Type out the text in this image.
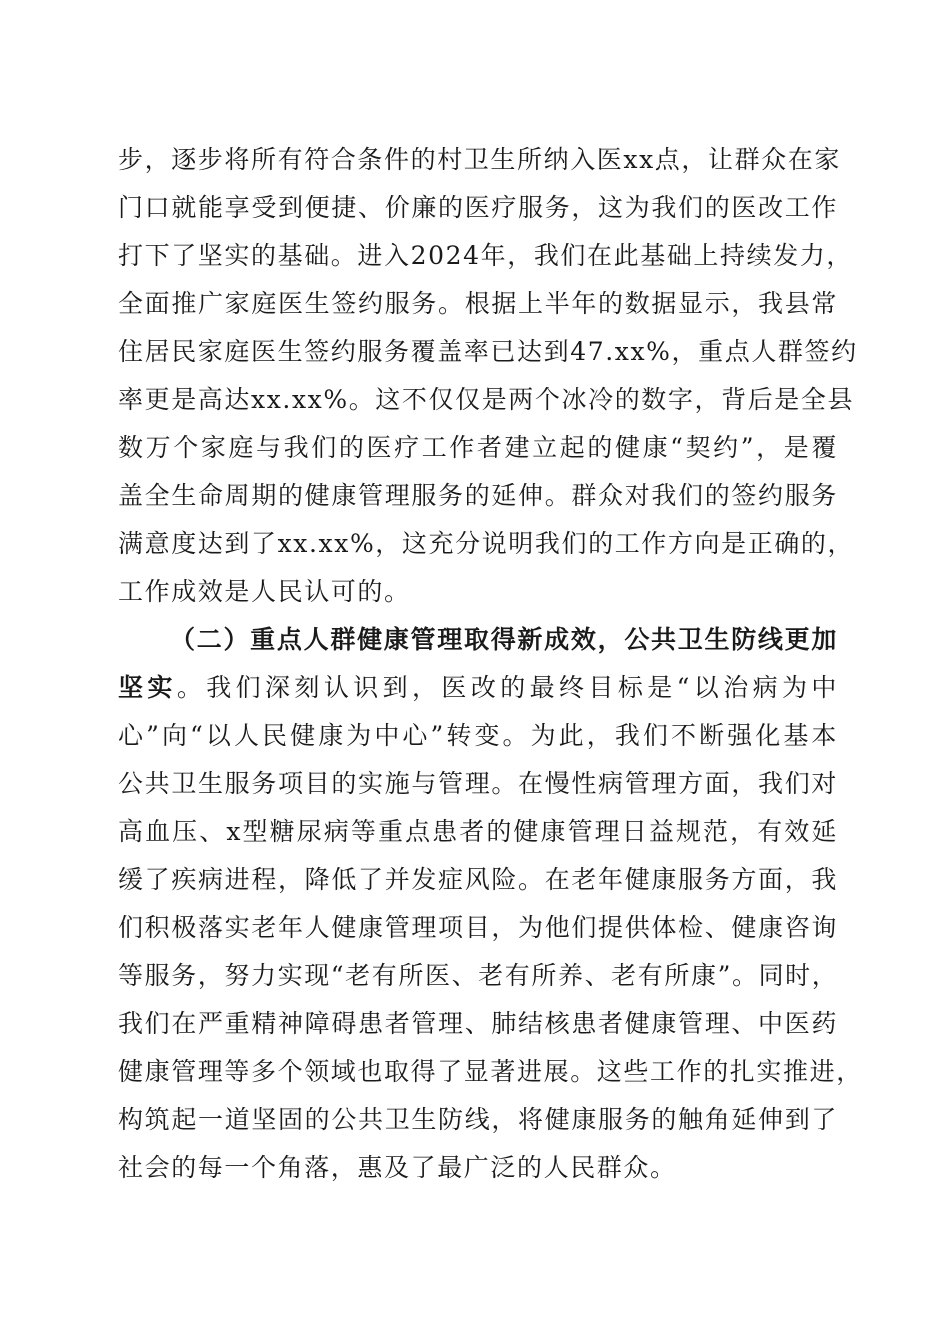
步，逐步将所有符合条件的村卫生所纳入医xx点，让群众在家
门口就能享受到便捷、价廉的医疗服务，这为我们的医改工作
打下了坚实的基础。进入2024年，我们在此基础上持续发力，
全面推广家庭医生签约服务。根据上半年的数据显示，我县常
住居民家庭医生签约服务覆盖率已达到47.xx%，重点人群签约
率更是高达xx.xx%。这不仅仅是两个冰冷的数字，背后是全县
数万个家庭与我们的医疗工作者建立起的健康“契约”，是覆
盖全生命周期的健康管理服务的延伸。群众对我们的签约服务
满意度达到了xx.xx%，这充分说明我们的工作方向是正确的，
工作成效是人民认可的。
（二）重点人群健康管理取得新成效，公共卫生防线更加
坚实。我们深刻认识到，医改的最终目标是“以治病为中
心”向“以人民健康为中心”转变。为此，我们不断强化基本
公共卫生服务项目的实施与管理。在慢性病管理方面，我们对
高血压、x型糖尿病等重点患者的健康管理日益规范，有效延
缓了疾病进程，降低了并发症风险。在老年健康服务方面，我
们积极落实老年人健康管理项目，为他们提供体检、健康咨询
等服务，努力实现“老有所医、老有所养、老有所康”。同时，
我们在严重精神障碍患者管理、肺结核患者健康管理、中医药
健康管理等多个领域也取得了显著进展。这些工作的扎实推进，
构筑起一道坚固的公共卫生防线，将健康服务的触角延伸到了
社会的每一个角落，惠及了最广泛的人民群众。
